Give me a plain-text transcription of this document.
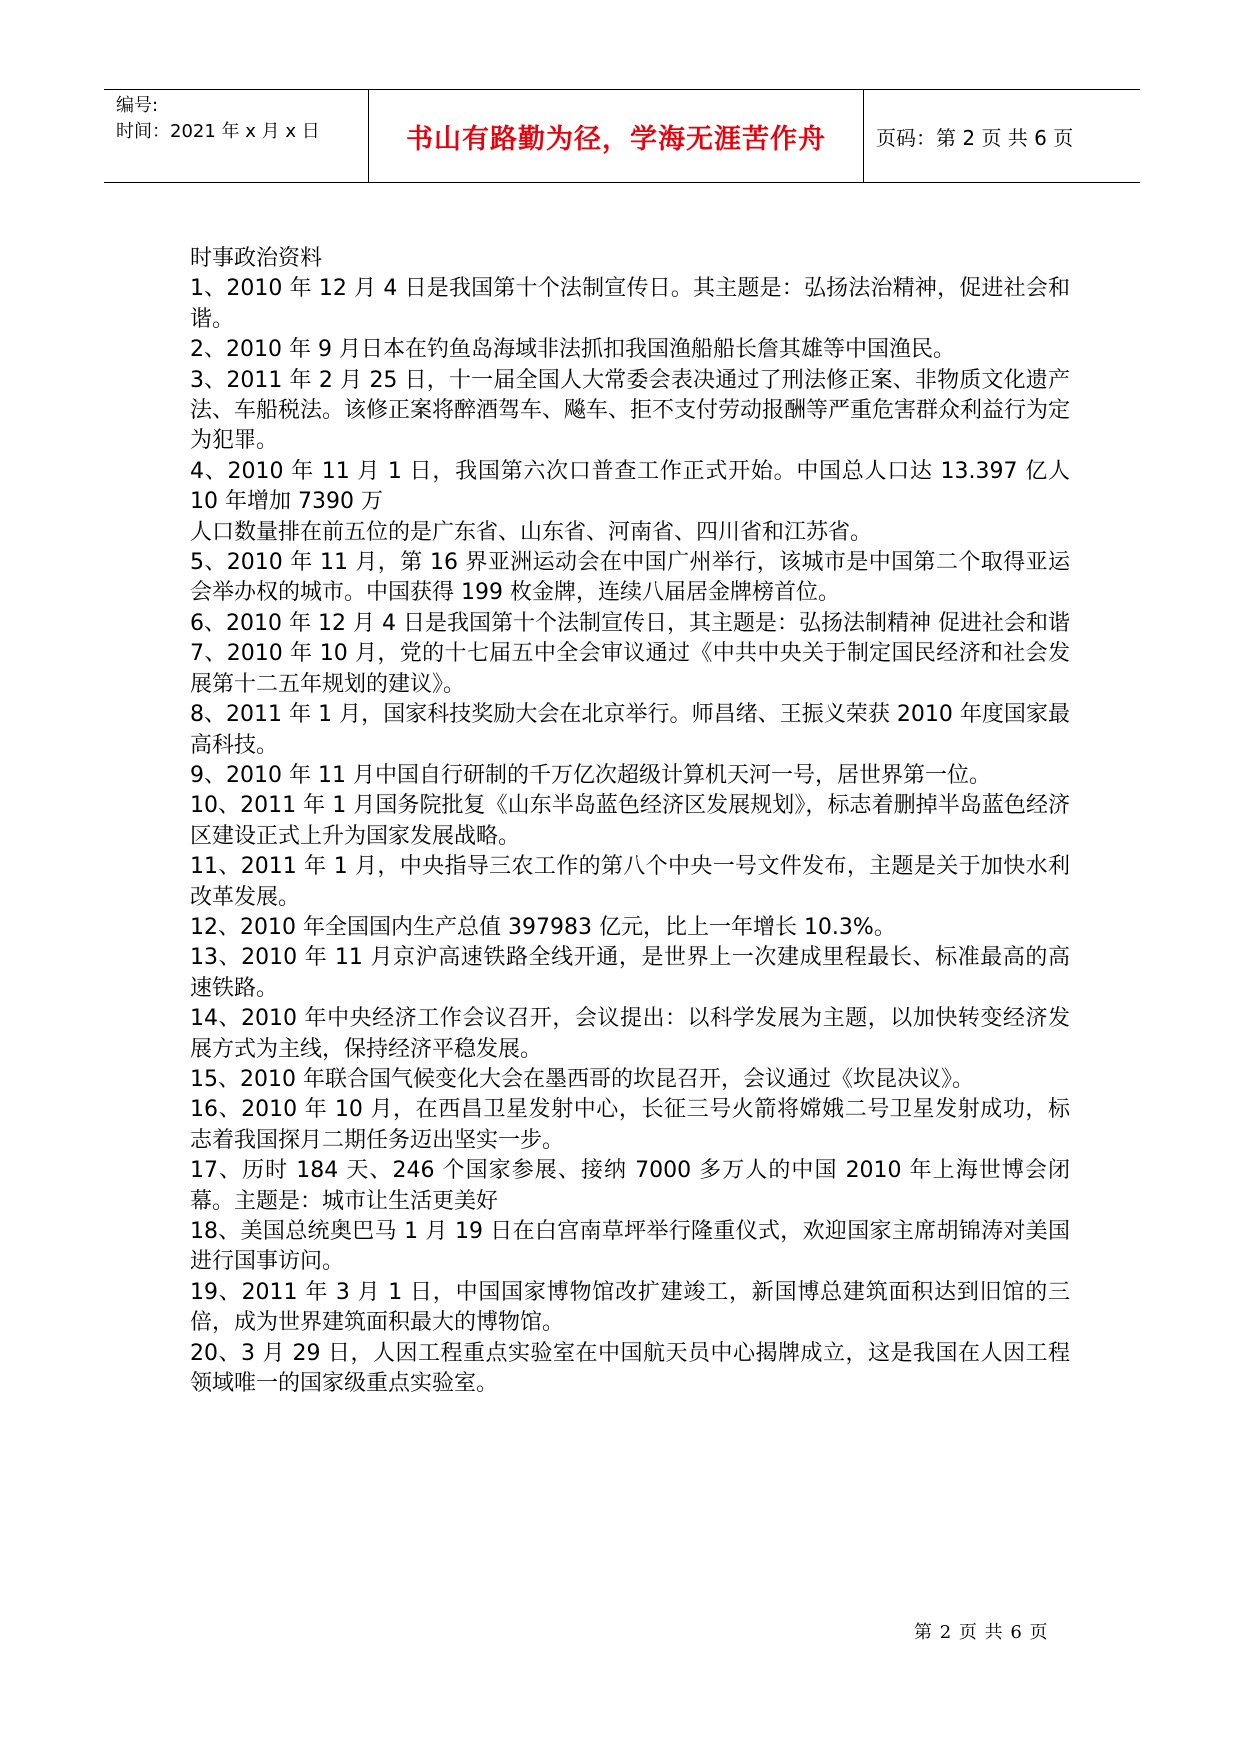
编号:
时间：2021 年 x 月 x 日	书山有路勤为径，学海无涯苦作舟	页码：第 2 页 共 6 页

时事政治资料

1、2010 年 12 月 4 日是我国第十个法制宣传日。其主题是：弘扬法治精神，促进社会和谐。

2、2010 年 9 月日本在钓鱼岛海域非法抓扣我国渔船船长詹其雄等中国渔民。

3、2011 年 2 月 25 日，十一届全国人大常委会表决通过了刑法修正案、非物质文化遗产法、车船税法。该修正案将醉酒驾车、飚车、拒不支付劳动报酬等严重危害群众利益行为定为犯罪。

4、2010 年 11 月 1 日，我国第六次口普查工作正式开始。中国总人口达 13.397 亿人 10 年增加 7390 万

人口数量排在前五位的是广东省、山东省、河南省、四川省和江苏省。

5、2010 年 11 月，第 16 界亚洲运动会在中国广州举行，该城市是中国第二个取得亚运会举办权的城市。中国获得 199 枚金牌，连续八届居金牌榜首位。

6、2010 年 12 月 4 日是我国第十个法制宣传日，其主题是：弘扬法制精神 促进社会和谐

7、2010 年 10 月，党的十七届五中全会审议通过《中共中央关于制定国民经济和社会发展第十二五年规划的建议》。

8、2011 年 1 月，国家科技奖励大会在北京举行。师昌绪、王振义荣获 2010 年度国家最高科技。

9、2010 年 11 月中国自行研制的千万亿次超级计算机天河一号，居世界第一位。

10、2011 年 1 月国务院批复《山东半岛蓝色经济区发展规划》，标志着删掉半岛蓝色经济区建设正式上升为国家发展战略。

11、2011 年 1 月，中央指导三农工作的第八个中央一号文件发布，主题是关于加快水利改革发展。

12、2010 年全国国内生产总值 397983 亿元，比上一年增长 10.3%。

13、2010 年 11 月京沪高速铁路全线开通，是世界上一次建成里程最长、标准最高的高速铁路。

14、2010 年中央经济工作会议召开，会议提出：以科学发展为主题，以加快转变经济发展方式为主线，保持经济平稳发展。

15、2010 年联合国气候变化大会在墨西哥的坎昆召开，会议通过《坎昆决议》。

16、2010 年 10 月，在西昌卫星发射中心，长征三号火箭将嫦娥二号卫星发射成功，标志着我国探月二期任务迈出坚实一步。

17、历时 184 天、246 个国家参展、接纳 7000 多万人的中国 2010 年上海世博会闭幕。主题是：城市让生活更美好

18、美国总统奥巴马 1 月 19 日在白宫南草坪举行隆重仪式，欢迎国家主席胡锦涛对美国进行国事访问。

19、2011 年 3 月 1 日，中国国家博物馆改扩建竣工，新国博总建筑面积达到旧馆的三倍，成为世界建筑面积最大的博物馆。

20、3 月 29 日，人因工程重点实验室在中国航天员中心揭牌成立，这是我国在人因工程领域唯一的国家级重点实验室。

第 2 页 共 6 页
